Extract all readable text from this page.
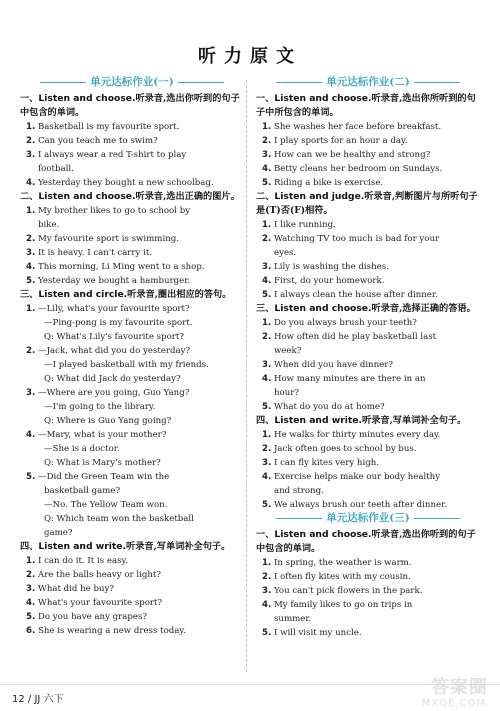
听力原文
单元达标作业(一)
一、Listen and choose.听录音,选出你听到的句子中包含的单词。
1. Basketball is my favourite sport.
2. Can you teach me to swim?
3. I always wear a red T-shirt to play
football.
4. Yesterday they bought a new schoolbag.
二、Listen and choose.听录音,选出正确的图片。
1. My brother likes to go to school by
bike.
2. My favourite sport is swimming.
3. It is heavy. I can't carry it.
4. This morning, Li Ming went to a shop.
5. Yesterday we bought a hamburger.
三、Listen and circle.听录音,圈出相应的答句。
1. —Lily, what's your favourite sport?
—Ping-pong is my favourite sport.
Q: What's Lily's favourite sport?
2. —Jack, what did you do yesterday?
—I played basketball with my friends.
Q: What did Jack do yesterday?
3. —Where are you going, Guo Yang?
—I'm going to the library.
Q: Where is Guo Yang going?
4. —Mary, what is your mother?
—She is a doctor.
Q: What is Mary's mother?
5. —Did the Green Team win the
basketball game?
—No. The Yellow Team won.
Q: Which team won the basketball
game?
四、Listen and write.听录音,写单词补全句子。
1. I can do it. It is easy.
2. Are the balls heavy or light?
3. What did he buy?
4. What's your favourite sport?
5. Do you have any grapes?
6. She is wearing a new dress today.
单元达标作业(二)
一、Listen and choose.听录音,选出你所听到的句子中所包含的单词。
1. She washes her face before breakfast.
2. I play sports for an hour a day.
3. How can we be healthy and strong?
4. Betty cleans her bedroom on Sundays.
5. Riding a bike is exercise.
二、Listen and judge.听录音,判断图片与所听句子是(T)否(F)相符。
1. I like running.
2. Watching TV too much is bad for your
eyes.
3. Lily is washing the dishes.
4. First, do your homework.
5. I always clean the house after dinner.
三、Listen and choose.听录音,选择正确的答语。
1. Do you always brush your teeth?
2. How often did he play basketball last
week?
3. When did you have dinner?
4. How many minutes are there in an
hour?
5. What do you do at home?
四、Listen and write.听录音,写单词补全句子。
1. He walks for thirty minutes every day.
2. Jack often goes to school by bus.
3. I can fly kites very high.
4. Exercise helps make our body healthy
and strong.
5. We always brush our teeth after dinner.
单元达标作业(三)
一、Listen and choose.听录音,选出你听到的句子中包含的单词。
1. In spring, the weather is warm.
2. I often fly kites with my cousin.
3. You can't pick flowers in the park.
4. My family likes to go on trips in
summer.
5. I will visit my uncle.
12 / JJ 六下
答案圈
MXQE.COM
